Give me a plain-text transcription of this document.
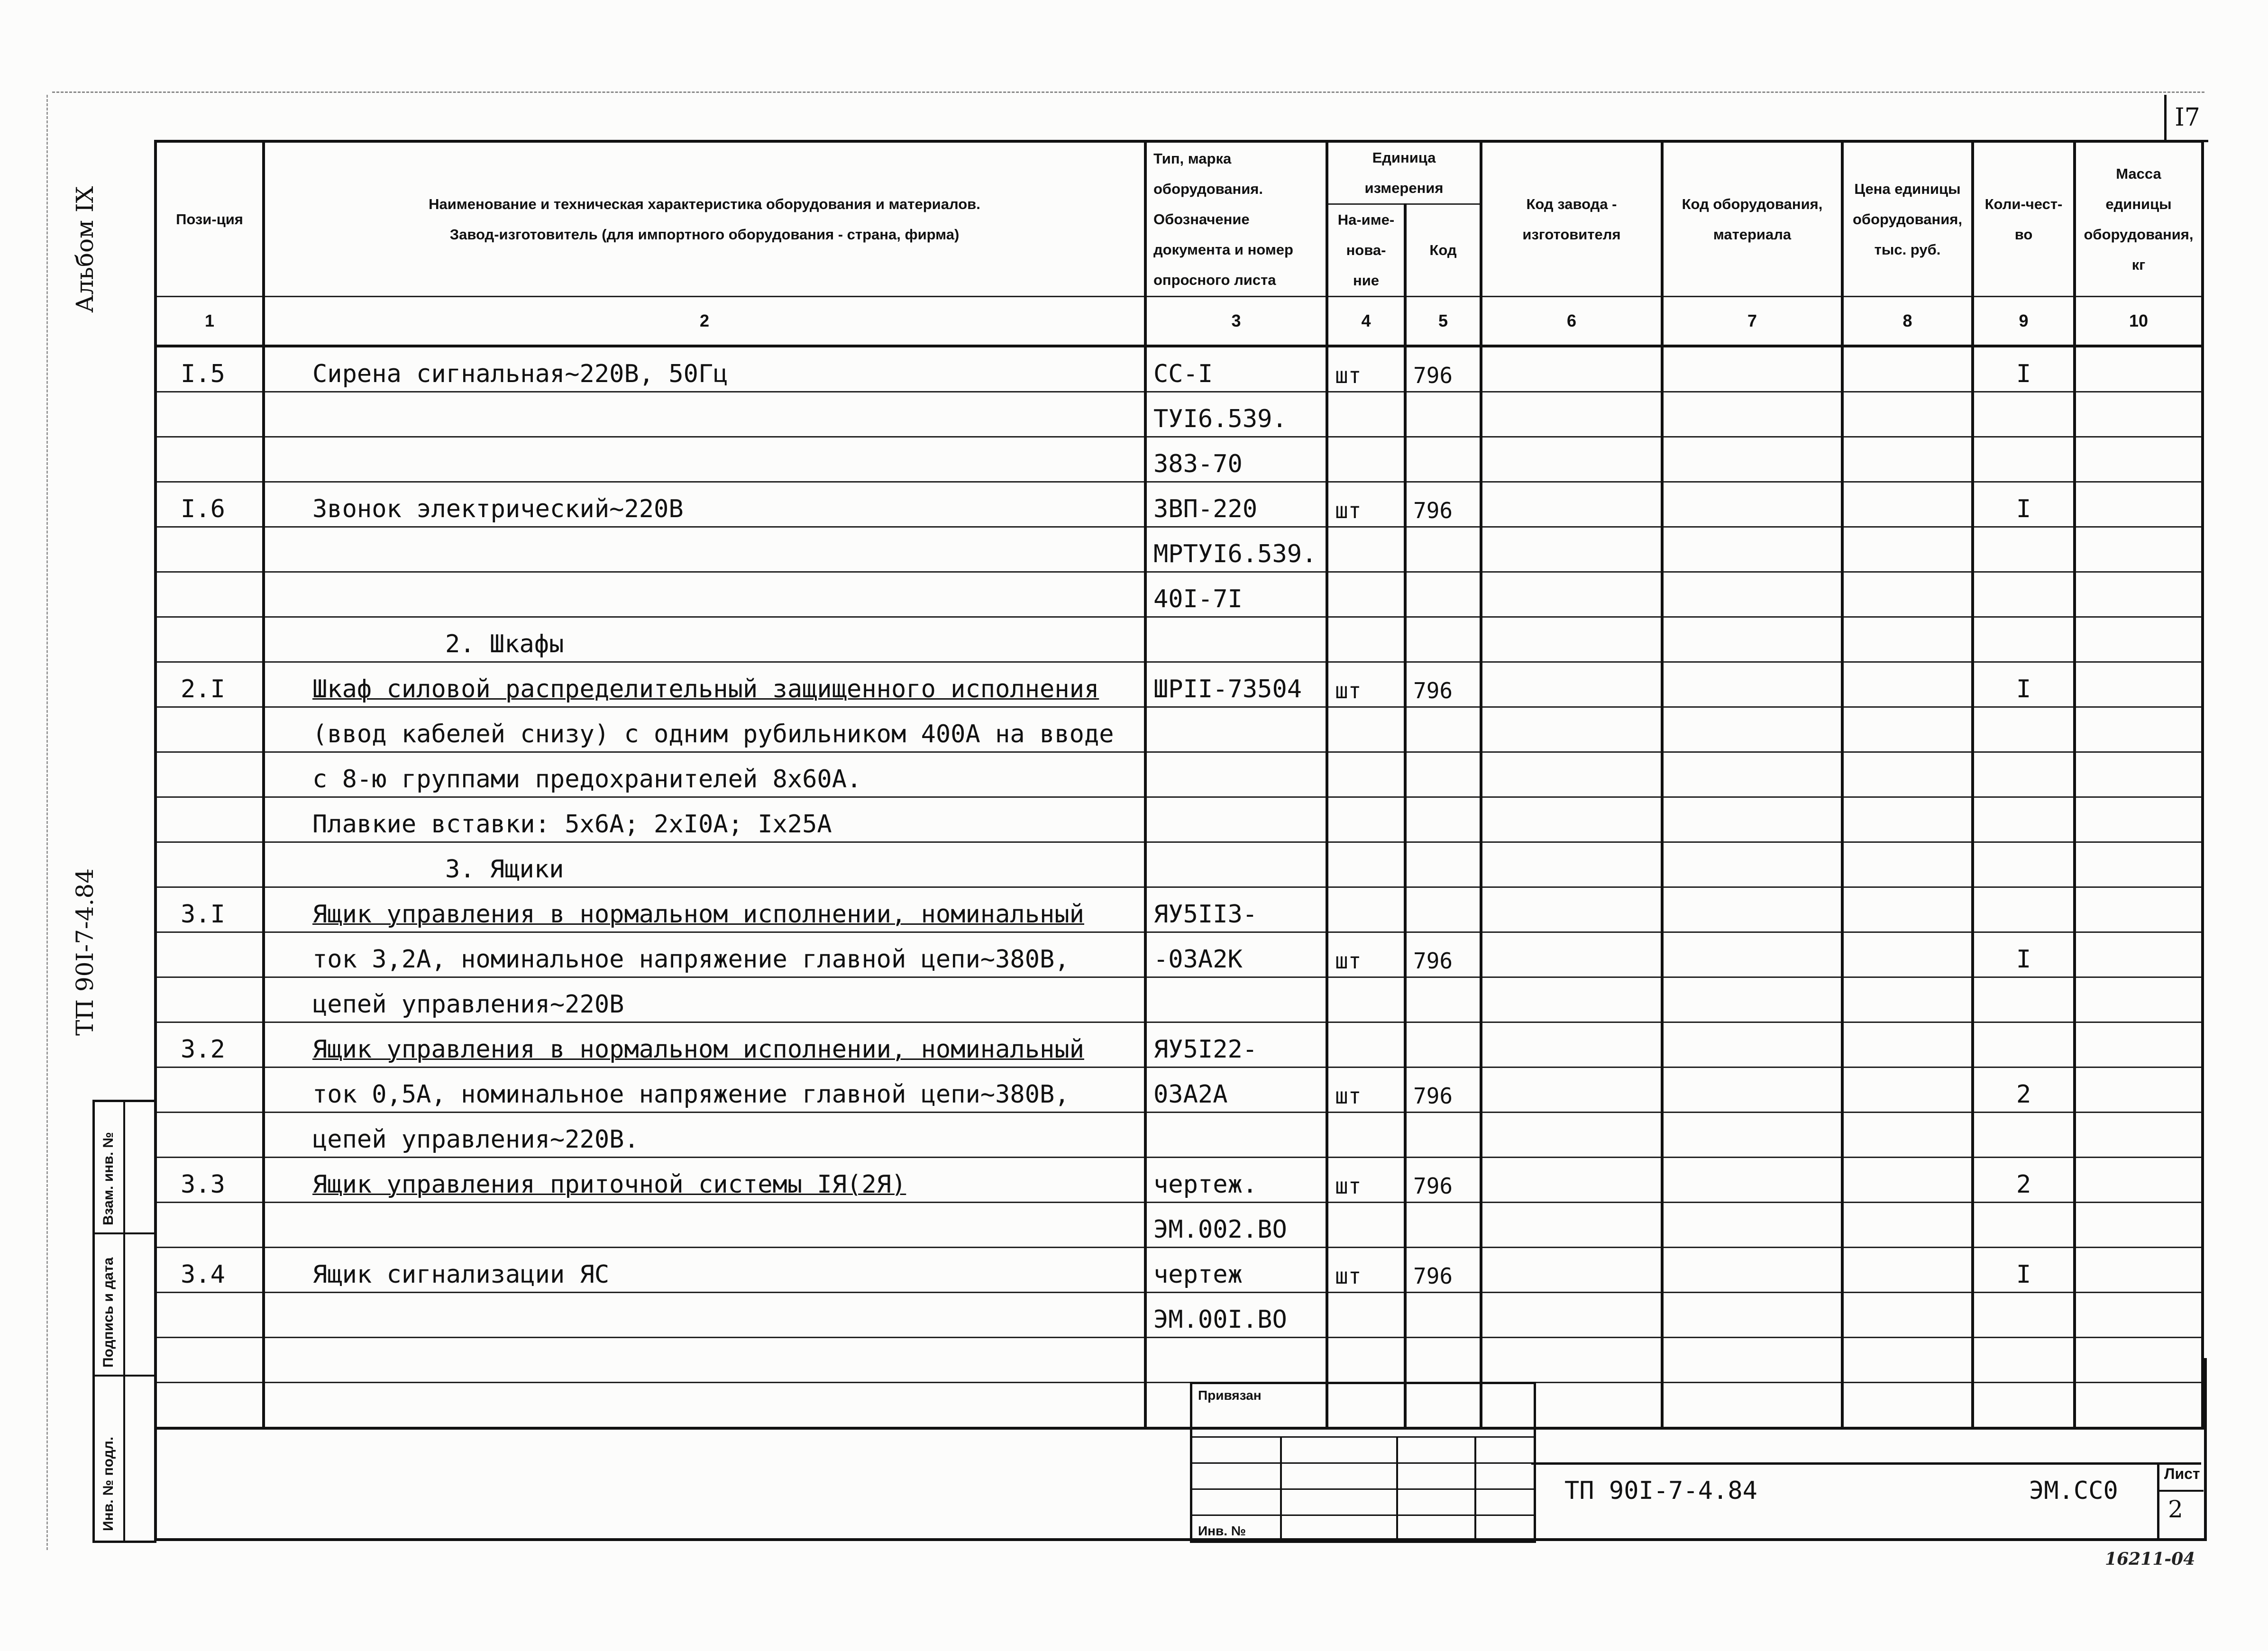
I7
Альбом IX
ТП 90I-7-4.84
Взам. инв. №
Подпись и дата
Инв. № подл.
Пози-ция	Наименование и техническая характеристика оборудования и материалов.
Завод-изготовитель (для импортного оборудования - страна, фирма)	Тип, марка оборудования. Обозначение документа и номер опросного листа	Единица измерения		Код завода - изготовителя	Код оборудования, материала	Цена единицы оборудования, тыс. руб.	Коли-чест-во	Масса единицы оборудования, кг
			На-име-нова-ние	Код					
1	2	3	4	5	6	7	8	9	10
I.5	Сирена сигнальная~220В, 50Гц	СС-I	шт	796				I	
		ТУI6.539.							
		383-70							
I.6	Звонок электрический~220В	ЗВП-220	шт	796				I	
		МРТУI6.539.							
		40I-7I							
	2. Шкафы								
2.I	Шкаф силовой распределительный защищенного исполнения	ШРII-73504	шт	796				I	
	(ввод кабелей снизу) с одним рубильником 400А на вводе								
	с 8-ю группами предохранителей 8х60А.								
	Плавкие вставки: 5х6А; 2хI0А; Iх25А								
	3. Ящики								
3.I	Ящик управления в нормальном исполнении, номинальный	ЯУ5II3-							
	ток 3,2А, номинальное напряжение главной цепи~380В,	-03А2К	шт	796				I	
	цепей управления~220В								
3.2	Ящик управления в нормальном исполнении, номинальный	ЯУ5I22-							
	ток 0,5А, номинальное напряжение главной цепи~380В,	03А2А	шт	796				2	
	цепей управления~220В.								
3.3	Ящик управления приточной системы IЯ(2Я)	чертеж.	шт	796				2	
		ЭМ.002.ВО							
3.4	Ящик сигнализации ЯС	чертеж	шт	796				I	
		ЭМ.00I.ВО							

Привязан
Инв. №
ТП 90I-7-4.84	ЭМ.СС0
Лист
2
16211-04
